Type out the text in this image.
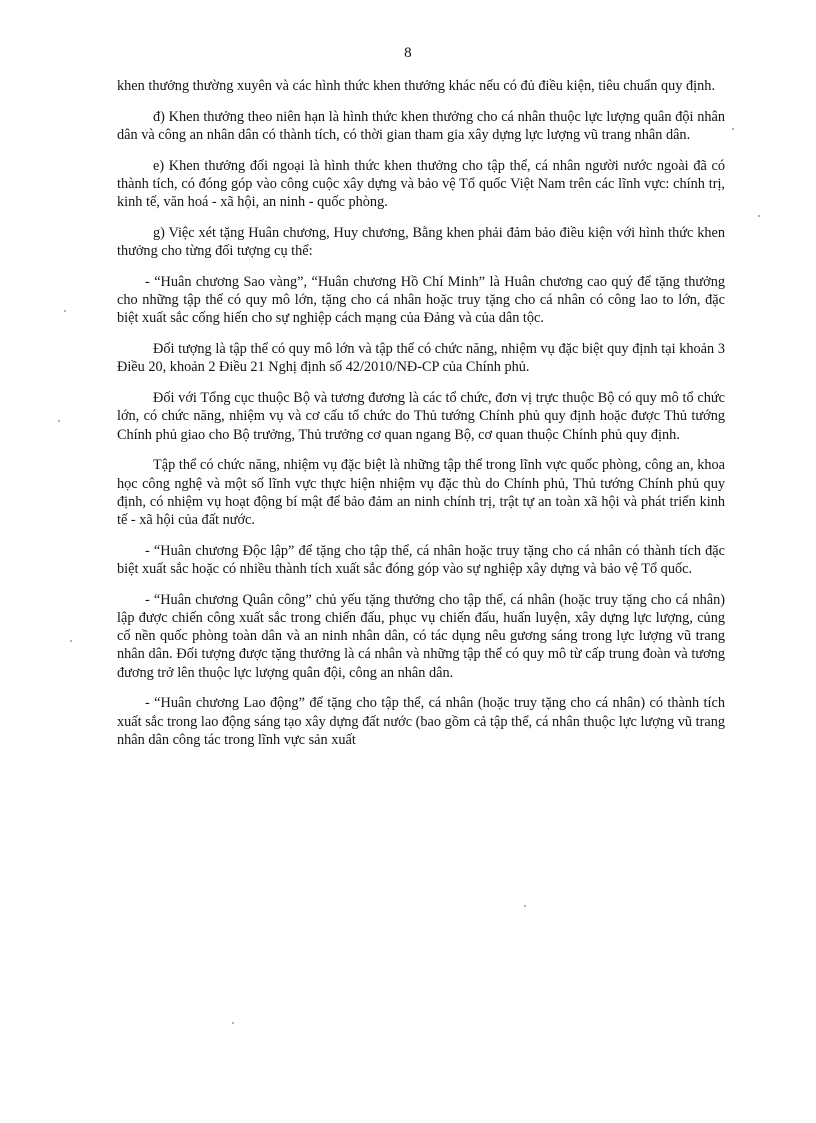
8

khen thưởng thường xuyên và các hình thức khen thưởng khác nếu có đủ điều kiện, tiêu chuẩn quy định.

đ) Khen thưởng theo niên hạn là hình thức khen thưởng cho cá nhân thuộc lực lượng quân đội nhân dân và công an nhân dân có thành tích, có thời gian tham gia xây dựng lực lượng vũ trang nhân dân.

e) Khen thưởng đối ngoại là hình thức khen thưởng cho tập thể, cá nhân người nước ngoài đã có thành tích, có đóng góp vào công cuộc xây dựng và bảo vệ Tổ quốc Việt Nam trên các lĩnh vực: chính trị, kinh tế, văn hoá - xã hội, an ninh - quốc phòng.

g) Việc xét tặng Huân chương, Huy chương, Bằng khen phải đảm bảo điều kiện với hình thức khen thưởng cho từng đối tượng cụ thể:

- “Huân chương Sao vàng”, “Huân chương Hồ Chí Minh” là Huân chương cao quý để tặng thưởng cho những tập thể có quy mô lớn, tặng cho cá nhân hoặc truy tặng cho cá nhân có công lao to lớn, đặc biệt xuất sắc cống hiến cho sự nghiệp cách mạng của Đảng và của dân tộc.

Đối tượng là tập thể có quy mô lớn và tập thể có chức năng, nhiệm vụ đặc biệt quy định tại khoản 3 Điều 20, khoản 2 Điều 21 Nghị định số 42/2010/NĐ-CP của Chính phủ.

Đối với Tổng cục thuộc Bộ và tương đương là các tổ chức, đơn vị trực thuộc Bộ có quy mô tổ chức lớn, có chức năng, nhiệm vụ và cơ cấu tổ chức do Thủ tướng Chính phủ quy định hoặc được Thủ tướng Chính phủ giao cho Bộ trưởng, Thủ trưởng cơ quan ngang Bộ, cơ quan thuộc Chính phủ quy định.

Tập thể có chức năng, nhiệm vụ đặc biệt là những tập thể trong lĩnh vực quốc phòng, công an, khoa học công nghệ và một số lĩnh vực thực hiện nhiệm vụ đặc thù do Chính phủ, Thủ tướng Chính phủ quy định, có nhiệm vụ hoạt động bí mật để bảo đảm an ninh chính trị, trật tự an toàn xã hội và phát triển kinh tế - xã hội của đất nước.

- “Huân chương Độc lập” để tặng cho tập thể, cá nhân hoặc truy tặng cho cá nhân có thành tích đặc biệt xuất sắc hoặc có nhiều thành tích xuất sắc đóng góp vào sự nghiệp xây dựng và bảo vệ Tổ quốc.

- “Huân chương Quân công” chủ yếu tặng thưởng cho tập thể, cá nhân (hoặc truy tặng cho cá nhân) lập được chiến công xuất sắc trong chiến đấu, phục vụ chiến đấu, huấn luyện, xây dựng lực lượng, củng cố nền quốc phòng toàn dân và an ninh nhân dân, có tác dụng nêu gương sáng trong lực lượng vũ trang nhân dân. Đối tượng được tặng thưởng là cá nhân và những tập thể có quy mô từ cấp trung đoàn và tương đương trở lên thuộc lực lượng quân đội, công an nhân dân.

- “Huân chương Lao động” để tặng cho tập thể, cá nhân (hoặc truy tặng cho cá nhân) có thành tích xuất sắc trong lao động sáng tạo xây dựng đất nước (bao gồm cả tập thể, cá nhân thuộc lực lượng vũ trang nhân dân công tác trong lĩnh vực sản xuất
